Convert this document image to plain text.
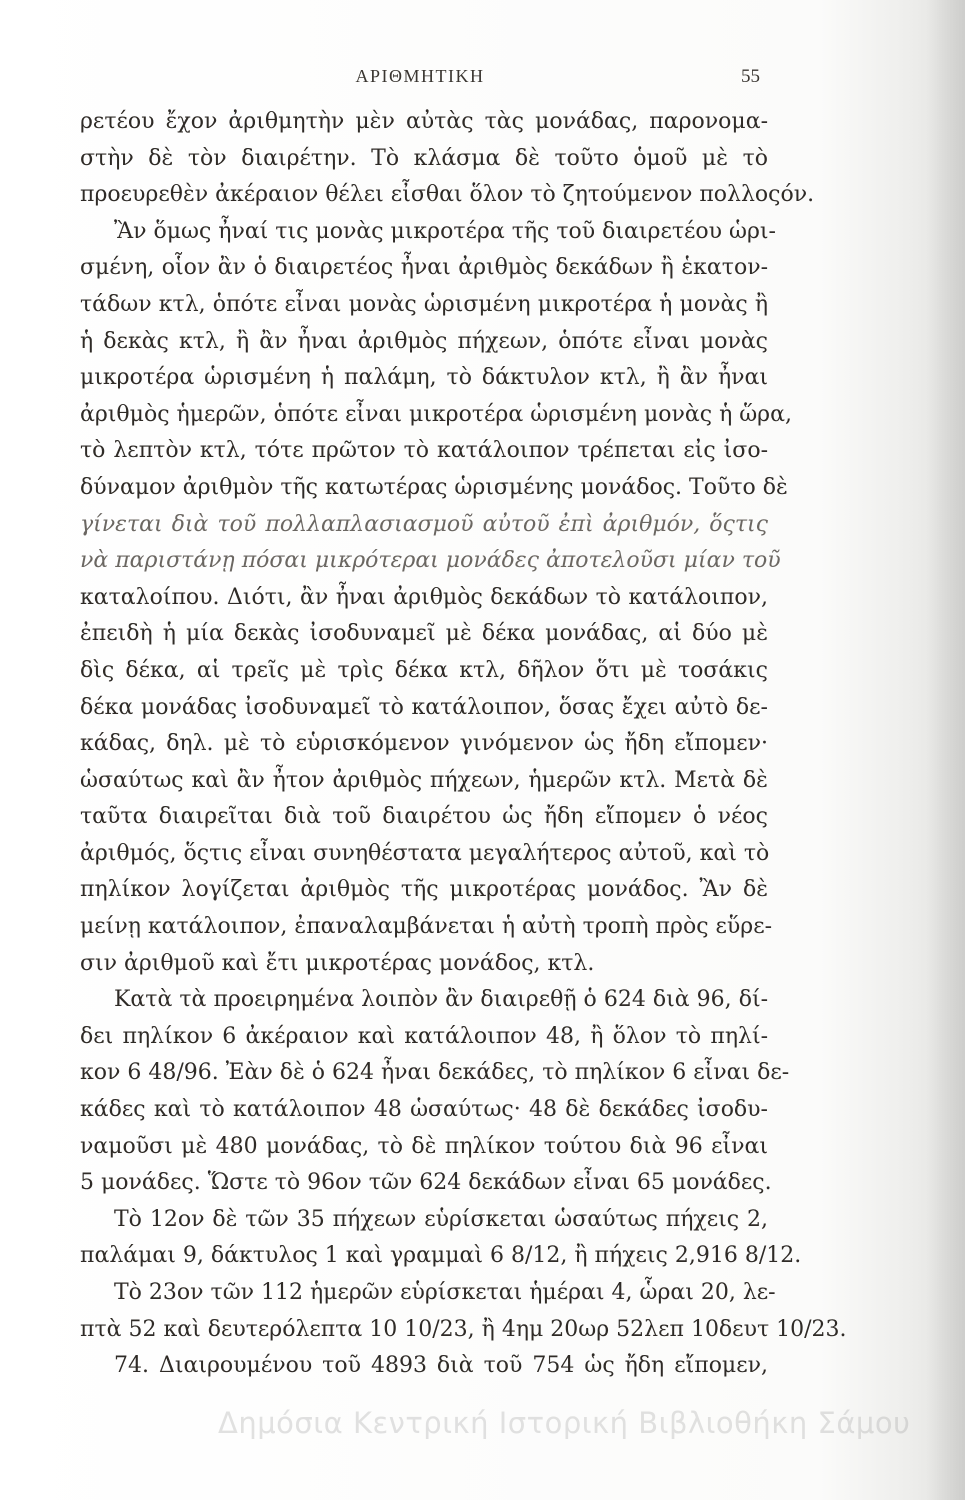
ΑΡΙΘΜΗΤΙΚΗ	55
ρετέου ἔχον ἀριθμητὴν μὲν αὐτὰς τὰς μονάδας, παρονομα-
στὴν δὲ τὸν διαιρέτην. Τὸ κλάσμα δὲ τοῦτο ὁμοῦ μὲ τὸ
προευρεθὲν ἀκέραιον θέλει εἶσθαι ὅλον τὸ ζητούμενον πολλοςόν.
Ἂν ὅμως ἦναί τις μονὰς μικροτέρα τῆς τοῦ διαιρετέου ὡρι-
σμένη, οἷον ἂν ὁ διαιρετέος ἦναι ἀριθμὸς δεκάδων ἢ ἑκατον-
τάδων κτλ, ὁπότε εἶναι μονὰς ὡρισμένη μικροτέρα ἡ μονὰς ἢ
ἡ δεκὰς κτλ, ἢ ἂν ἦναι ἀριθμὸς πήχεων, ὁπότε εἶναι μονὰς
μικροτέρα ὡρισμένη ἡ παλάμη, τὸ δάκτυλον κτλ, ἢ ἂν ἦναι
ἀριθμὸς ἡμερῶν, ὁπότε εἶναι μικροτέρα ὡρισμένη μονὰς ἡ ὥρα,
τὸ λεπτὸν κτλ, τότε πρῶτον τὸ κατάλοιπον τρέπεται εἰς ἰσο-
δύναμον ἀριθμὸν τῆς κατωτέρας ὡρισμένης μονάδος. Τοῦτο δὲ
γίνεται διὰ τοῦ πολλαπλασιασμοῦ αὐτοῦ ἐπὶ ἀριθμόν, ὅςτις
νὰ παριστάνῃ πόσαι μικρότεραι μονάδες ἀποτελοῦσι μίαν τοῦ
καταλοίπου. Διότι, ἂν ἦναι ἀριθμὸς δεκάδων τὸ κατάλοιπον,
ἐπειδὴ ἡ μία δεκὰς ἰσοδυναμεῖ μὲ δέκα μονάδας, αἱ δύο μὲ
δὶς δέκα, αἱ τρεῖς μὲ τρὶς δέκα κτλ, δῆλον ὅτι μὲ τοσάκις
δέκα μονάδας ἰσοδυναμεῖ τὸ κατάλοιπον, ὅσας ἔχει αὐτὸ δε-
κάδας, δηλ. μὲ τὸ εὑρισκόμενον γινόμενον ὡς ἤδη εἴπομεν·
ὡσαύτως καὶ ἂν ἦτον ἀριθμὸς πήχεων, ἡμερῶν κτλ. Μετὰ δὲ
ταῦτα διαιρεῖται διὰ τοῦ διαιρέτου ὡς ἤδη εἴπομεν ὁ νέος
ἀριθμός, ὅςτις εἶναι συνηθέστατα μεγαλήτερος αὐτοῦ, καὶ τὸ
πηλίκον λογίζεται ἀριθμὸς τῆς μικροτέρας μονάδος. Ἂν δὲ
μείνῃ κατάλοιπον, ἐπαναλαμβάνεται ἡ αὐτὴ τροπὴ πρὸς εὕρε-
σιν ἀριθμοῦ καὶ ἔτι μικροτέρας μονάδος, κτλ.
Κατὰ τὰ προειρημένα λοιπὸν ἂν διαιρεθῇ ὁ 624 διὰ 96, δί-
δει πηλίκον 6 ἀκέραιον καὶ κατάλοιπον 48, ἢ ὅλον τὸ πηλί-
κον 6 48/96. Ἐὰν δὲ ὁ 624 ἦναι δεκάδες, τὸ πηλίκον 6 εἶναι δε-
κάδες καὶ τὸ κατάλοιπον 48 ὡσαύτως· 48 δὲ δεκάδες ἰσοδυ-
ναμοῦσι μὲ 480 μονάδας, τὸ δὲ πηλίκον τούτου διὰ 96 εἶναι
5 μονάδες. Ὥστε τὸ 96ον τῶν 624 δεκάδων εἶναι 65 μονάδες.
Τὸ 12ον δὲ τῶν 35 πήχεων εὑρίσκεται ὡσαύτως πήχεις 2,
παλάμαι 9, δάκτυλος 1 καὶ γραμμαὶ 6 8/12, ἢ πήχεις 2,916 8/12.
Τὸ 23ον τῶν 112 ἡμερῶν εὑρίσκεται ἡμέραι 4, ὧραι 20, λε-
πτὰ 52 καὶ δευτερόλεπτα 10 10/23, ἢ 4ημ 20ωρ 52λεπ 10δευτ 10/23.
74. Διαιρουμένου τοῦ 4893 διὰ τοῦ 754 ὡς ἤδη εἴπομεν,
Δημόσια Κεντρική Ιστορική Βιβλιοθήκη Σάμου
